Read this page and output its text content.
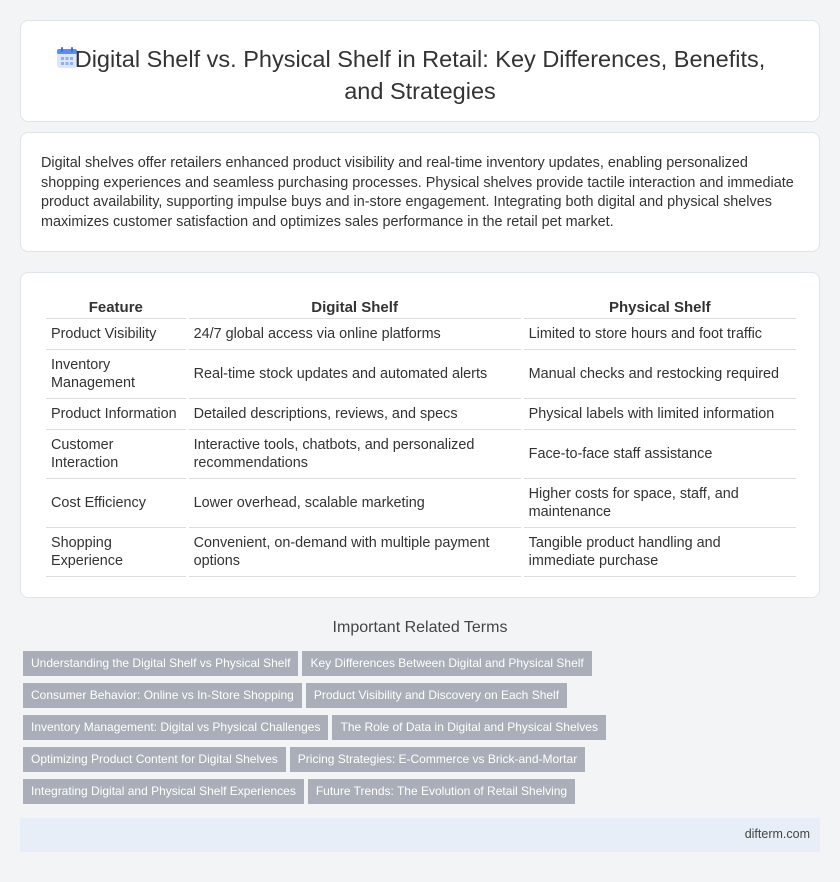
Digital Shelf vs. Physical Shelf in Retail: Key Differences, Benefits,
and Strategies

Digital shelves offer retailers enhanced product visibility and real-time inventory updates, enabling personalized shopping experiences and seamless purchasing processes. Physical shelves provide tactile interaction and immediate product availability, supporting impulse buys and in-store engagement. Integrating both digital and physical shelves maximizes customer satisfaction and optimizes sales performance in the retail pet market.

Feature	Digital Shelf	Physical Shelf
Product Visibility	24/7 global access via online platforms	Limited to store hours and foot traffic
Inventory Management	Real-time stock updates and automated alerts	Manual checks and restocking required
Product Information	Detailed descriptions, reviews, and specs	Physical labels with limited information
Customer Interaction	Interactive tools, chatbots, and personalized recommendations	Face-to-face staff assistance
Cost Efficiency	Lower overhead, scalable marketing	Higher costs for space, staff, and maintenance
Shopping Experience	Convenient, on-demand with multiple payment options	Tangible product handling and immediate purchase
Important Related Terms
Understanding the Digital Shelf vs Physical Shelf Key Differences Between Digital and Physical Shelf
Consumer Behavior: Online vs In-Store Shopping Product Visibility and Discovery on Each Shelf
Inventory Management: Digital vs Physical Challenges The Role of Data in Digital and Physical Shelves
Optimizing Product Content for Digital Shelves Pricing Strategies: E-Commerce vs Brick-and-Mortar
Integrating Digital and Physical Shelf Experiences Future Trends: The Evolution of Retail Shelving
difterm.com
